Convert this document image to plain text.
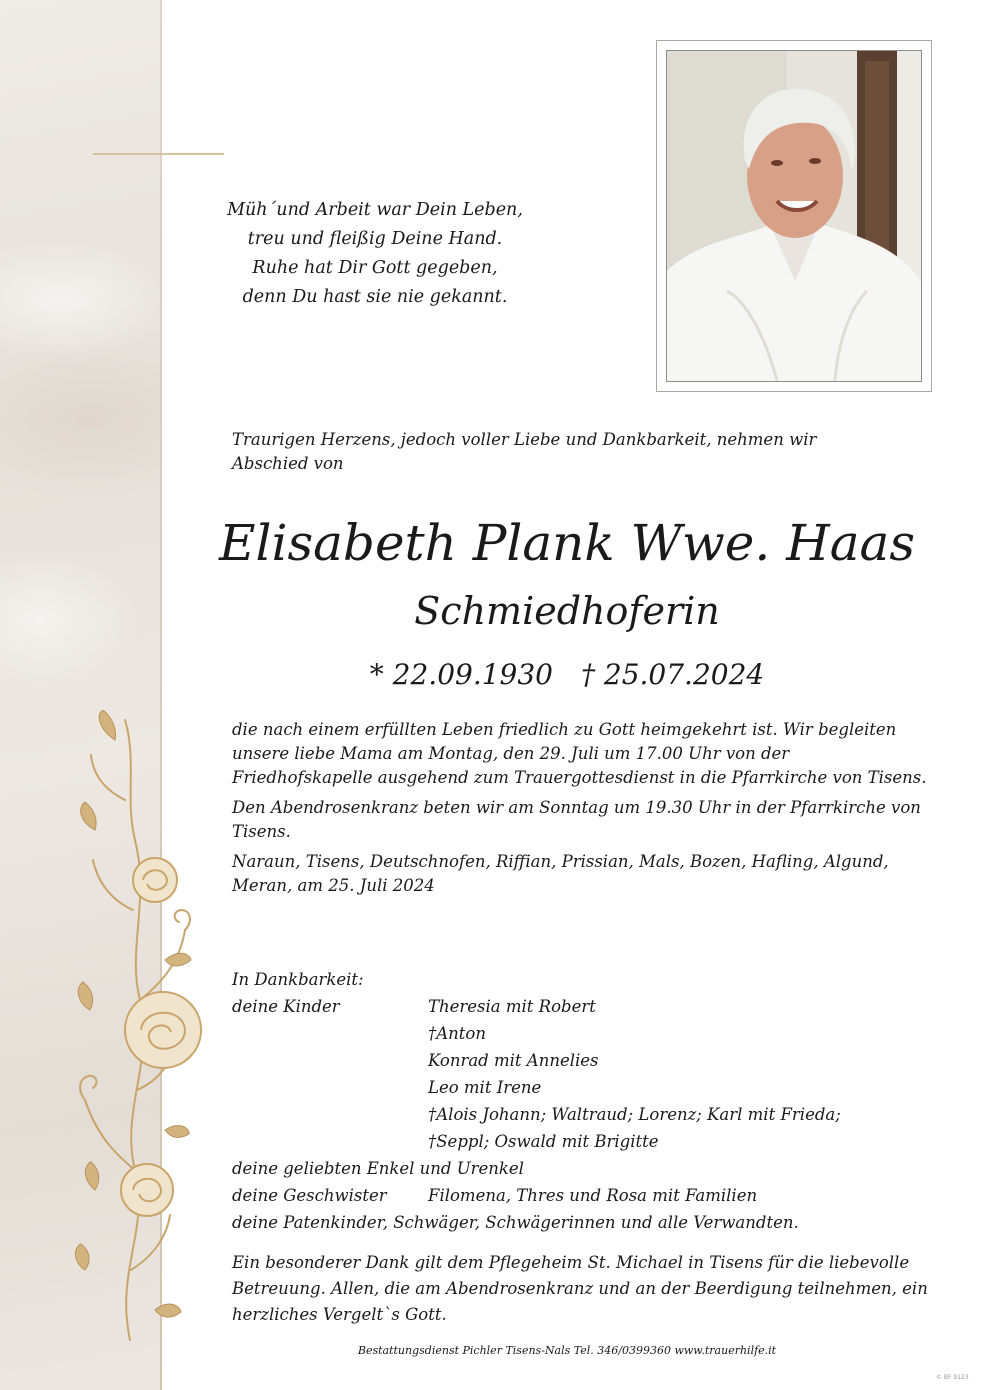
Müh´und Arbeit war Dein Leben,
treu und fleißig Deine Hand.
Ruhe hat Dir Gott gegeben,
denn Du hast sie nie gekannt.
Traurigen Herzens, jedoch voller Liebe und Dankbarkeit, nehmen wir Abschied von
Elisabeth Plank Wwe. Haas
Schmiedhoferin
* 22.09.1930 † 25.07.2024

die nach einem erfüllten Leben friedlich zu Gott heimgekehrt ist. Wir begleiten unsere liebe Mama am Montag, den 29. Juli um 17.00 Uhr von der Friedhofskapelle ausgehend zum Trauergottesdienst in die Pfarrkirche von Tisens.

Den Abendrosenkranz beten wir am Sonntag um 19.30 Uhr in der Pfarrkirche von Tisens.

Naraun, Tisens, Deutschnofen, Riffian, Prissian, Mals, Bozen, Hafling, Algund, Meran, am 25. Juli 2024

In Dankbarkeit:
deine Kinder	Theresia mit Robert
†Anton
Konrad mit Annelies
Leo mit Irene
†Alois Johann; Waltraud; Lorenz; Karl mit Frieda;
†Seppl; Oswald mit Brigitte
deine geliebten Enkel und Urenkel
deine Geschwister	Filomena, Thres und Rosa mit Familien
deine Patenkinder, Schwäger, Schwägerinnen und alle Verwandten.
Ein besonderer Dank gilt dem Pflegeheim St. Michael in Tisens für die liebevolle Betreuung. Allen, die am Abendrosenkranz und an der Beerdigung teilnehmen, ein herzliches Vergelt`s Gott.
Bestattungsdienst Pichler Tisens-Nals Tel. 346/0399360 www.trauerhilfe.it
© BF 9123
